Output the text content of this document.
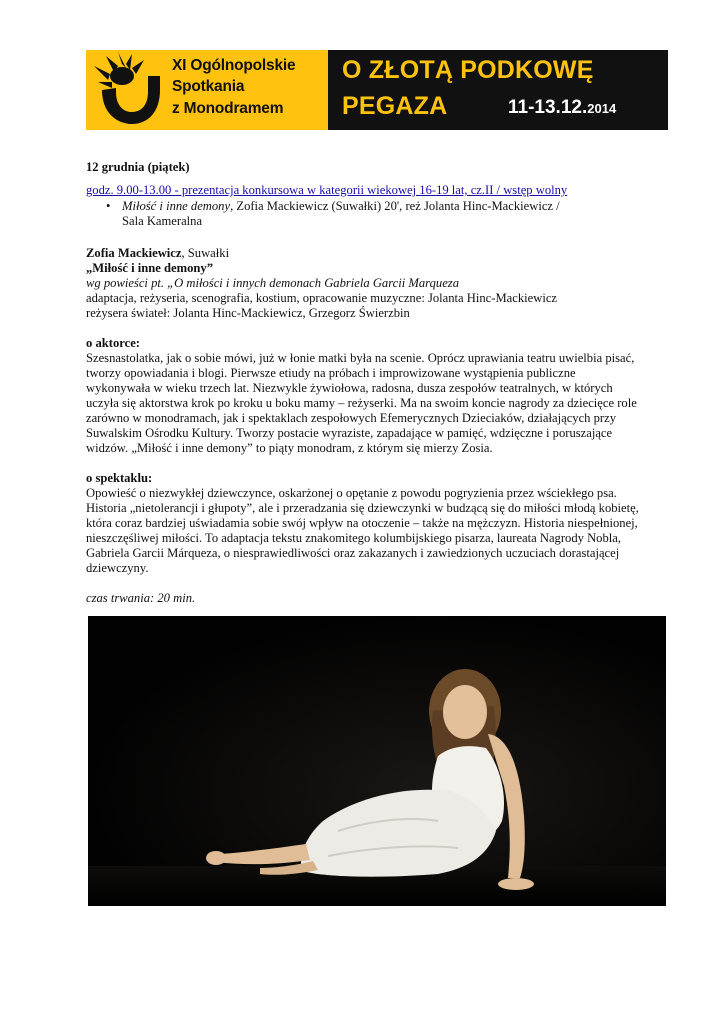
XI Ogólnopolskie
Spotkania
z Monodramem
O ZŁOTĄ PODKOWĘ
PEGAZA	11-13.12.2014

12 grudnia (piątek)

godz. 9.00-13.00 - prezentacja konkursowa w kategorii wiekowej 16-19 lat, cz.II / wstęp wolny

• Miłość i inne demony, Zofia Mackiewicz (Suwałki) 20', reż Jolanta Hinc-Mackiewicz /
Sala Kameralna

Zofia Mackiewicz, Suwałki

„Miłość i inne demony”

wg powieści pt. „O miłości i innych demonach Gabriela Garcii Marqueza

adaptacja, reżyseria, scenografia, kostium, opracowanie muzyczne: Jolanta Hinc-Mackiewicz

reżysera świateł: Jolanta Hinc-Mackiewicz, Grzegorz Świerzbin

o aktorce:

Szesnastolatka, jak o sobie mówi, już w łonie matki była na scenie. Oprócz uprawiania teatru uwielbia pisać,

tworzy opowiadania i blogi. Pierwsze etiudy na próbach i improwizowane wystąpienia publiczne

wykonywała w wieku trzech lat. Niezwykle żywiołowa, radosna, dusza zespołów teatralnych, w których

uczyła się aktorstwa krok po kroku u boku mamy – reżyserki. Ma na swoim koncie nagrody za dziecięce role

zarówno w monodramach, jak i spektaklach zespołowych Efemerycznych Dzieciaków, działających przy

Suwalskim Ośrodku Kultury. Tworzy postacie wyraziste, zapadające w pamięć, wdzięczne i poruszające

widzów. „Miłość i inne demony” to piąty monodram, z którym się mierzy Zosia.

o spektaklu:

Opowieść o niezwykłej dziewczynce, oskarżonej o opętanie z powodu pogryzienia przez wściekłego psa.

Historia „nietolerancji i głupoty”, ale i przeradzania się dziewczynki w budzącą się do miłości młodą kobietę,

która coraz bardziej uświadamia sobie swój wpływ na otoczenie – także na mężczyzn. Historia niespełnionej,

nieszczęśliwej miłości. To adaptacja tekstu znakomitego kolumbijskiego pisarza, laureata Nagrody Nobla,

Gabriela Garcii Márqueza, o niesprawiedliwości oraz zakazanych i zawiedzionych uczuciach dorastającej

dziewczyny.

czas trwania: 20 min.
